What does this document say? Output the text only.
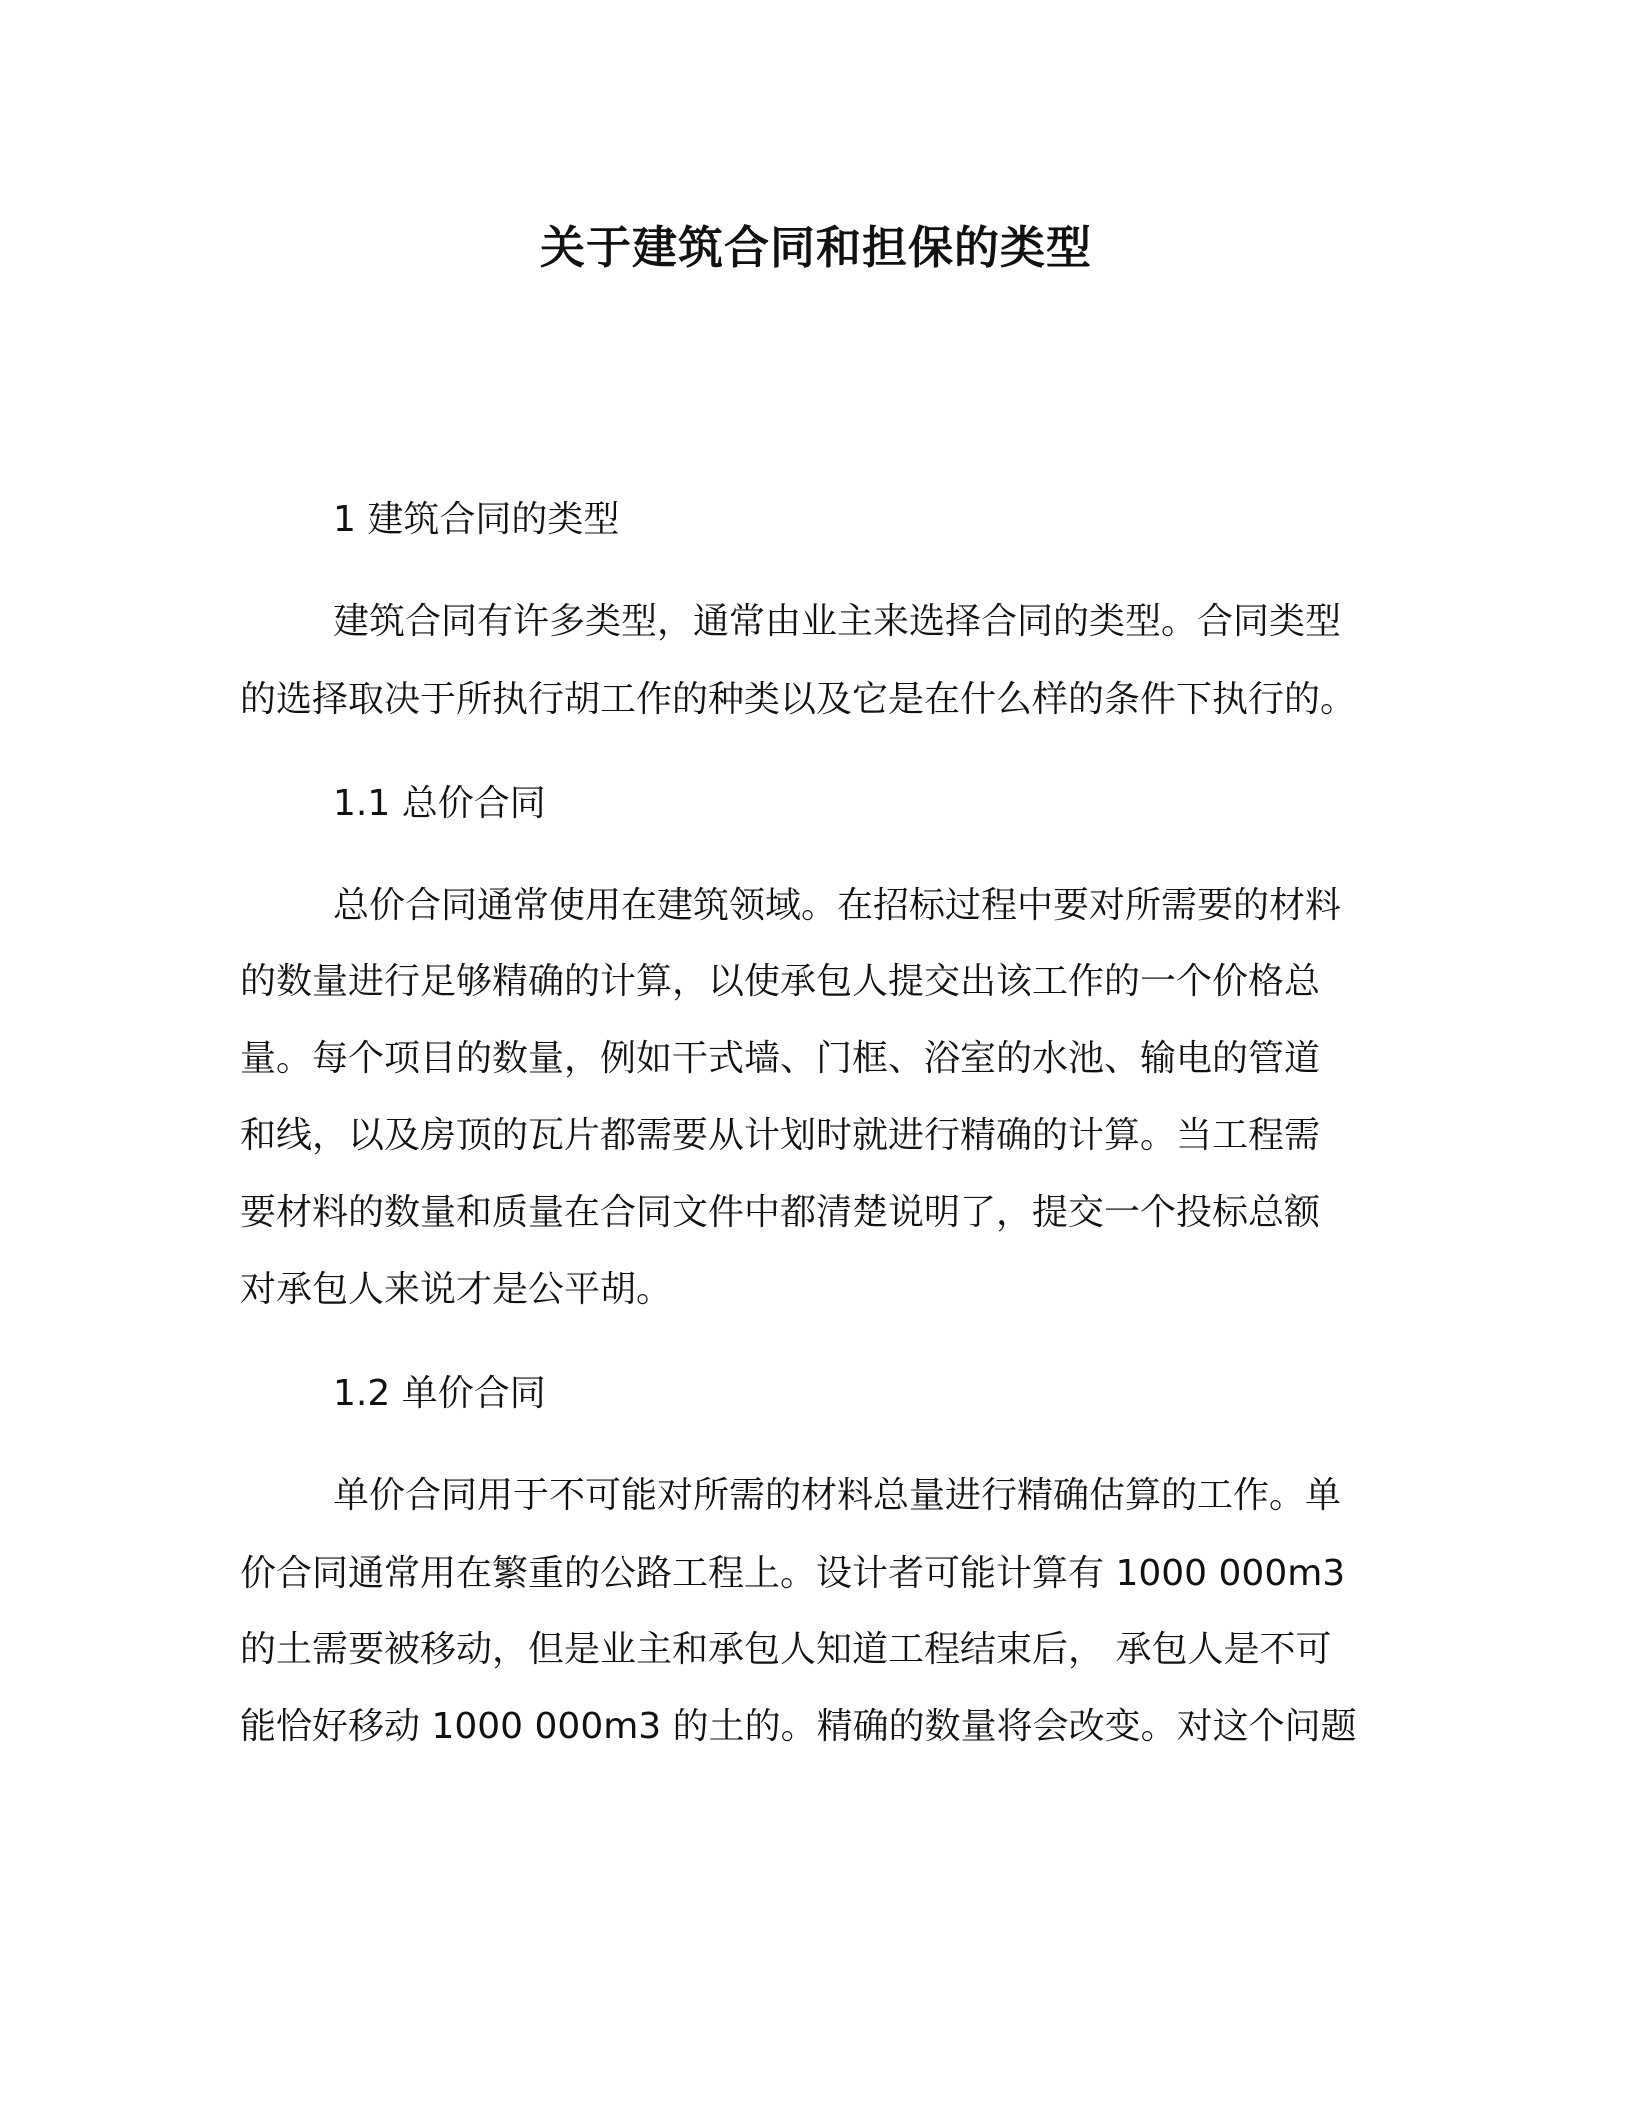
关于建筑合同和担保的类型
1 建筑合同的类型
建筑合同有许多类型，通常由业主来选择合同的类型。合同类型
的选择取决于所执行胡工作的种类以及它是在什么样的条件下执行的。
1.1 总价合同
总价合同通常使用在建筑领域。在招标过程中要对所需要的材料
的数量进行足够精确的计算，以使承包人提交出该工作的一个价格总
量。每个项目的数量，例如干式墙、门框、浴室的水池、输电的管道
和线，以及房顶的瓦片都需要从计划时就进行精确的计算。当工程需
要材料的数量和质量在合同文件中都清楚说明了，提交一个投标总额
对承包人来说才是公平胡。
1.2 单价合同
单价合同用于不可能对所需的材料总量进行精确估算的工作。单
价合同通常用在繁重的公路工程上。设计者可能计算有 1000 000m3
的土需要被移动，但是业主和承包人知道工程结束后， 承包人是不可
能恰好移动 1000 000m3 的土的。精确的数量将会改变。对这个问题
